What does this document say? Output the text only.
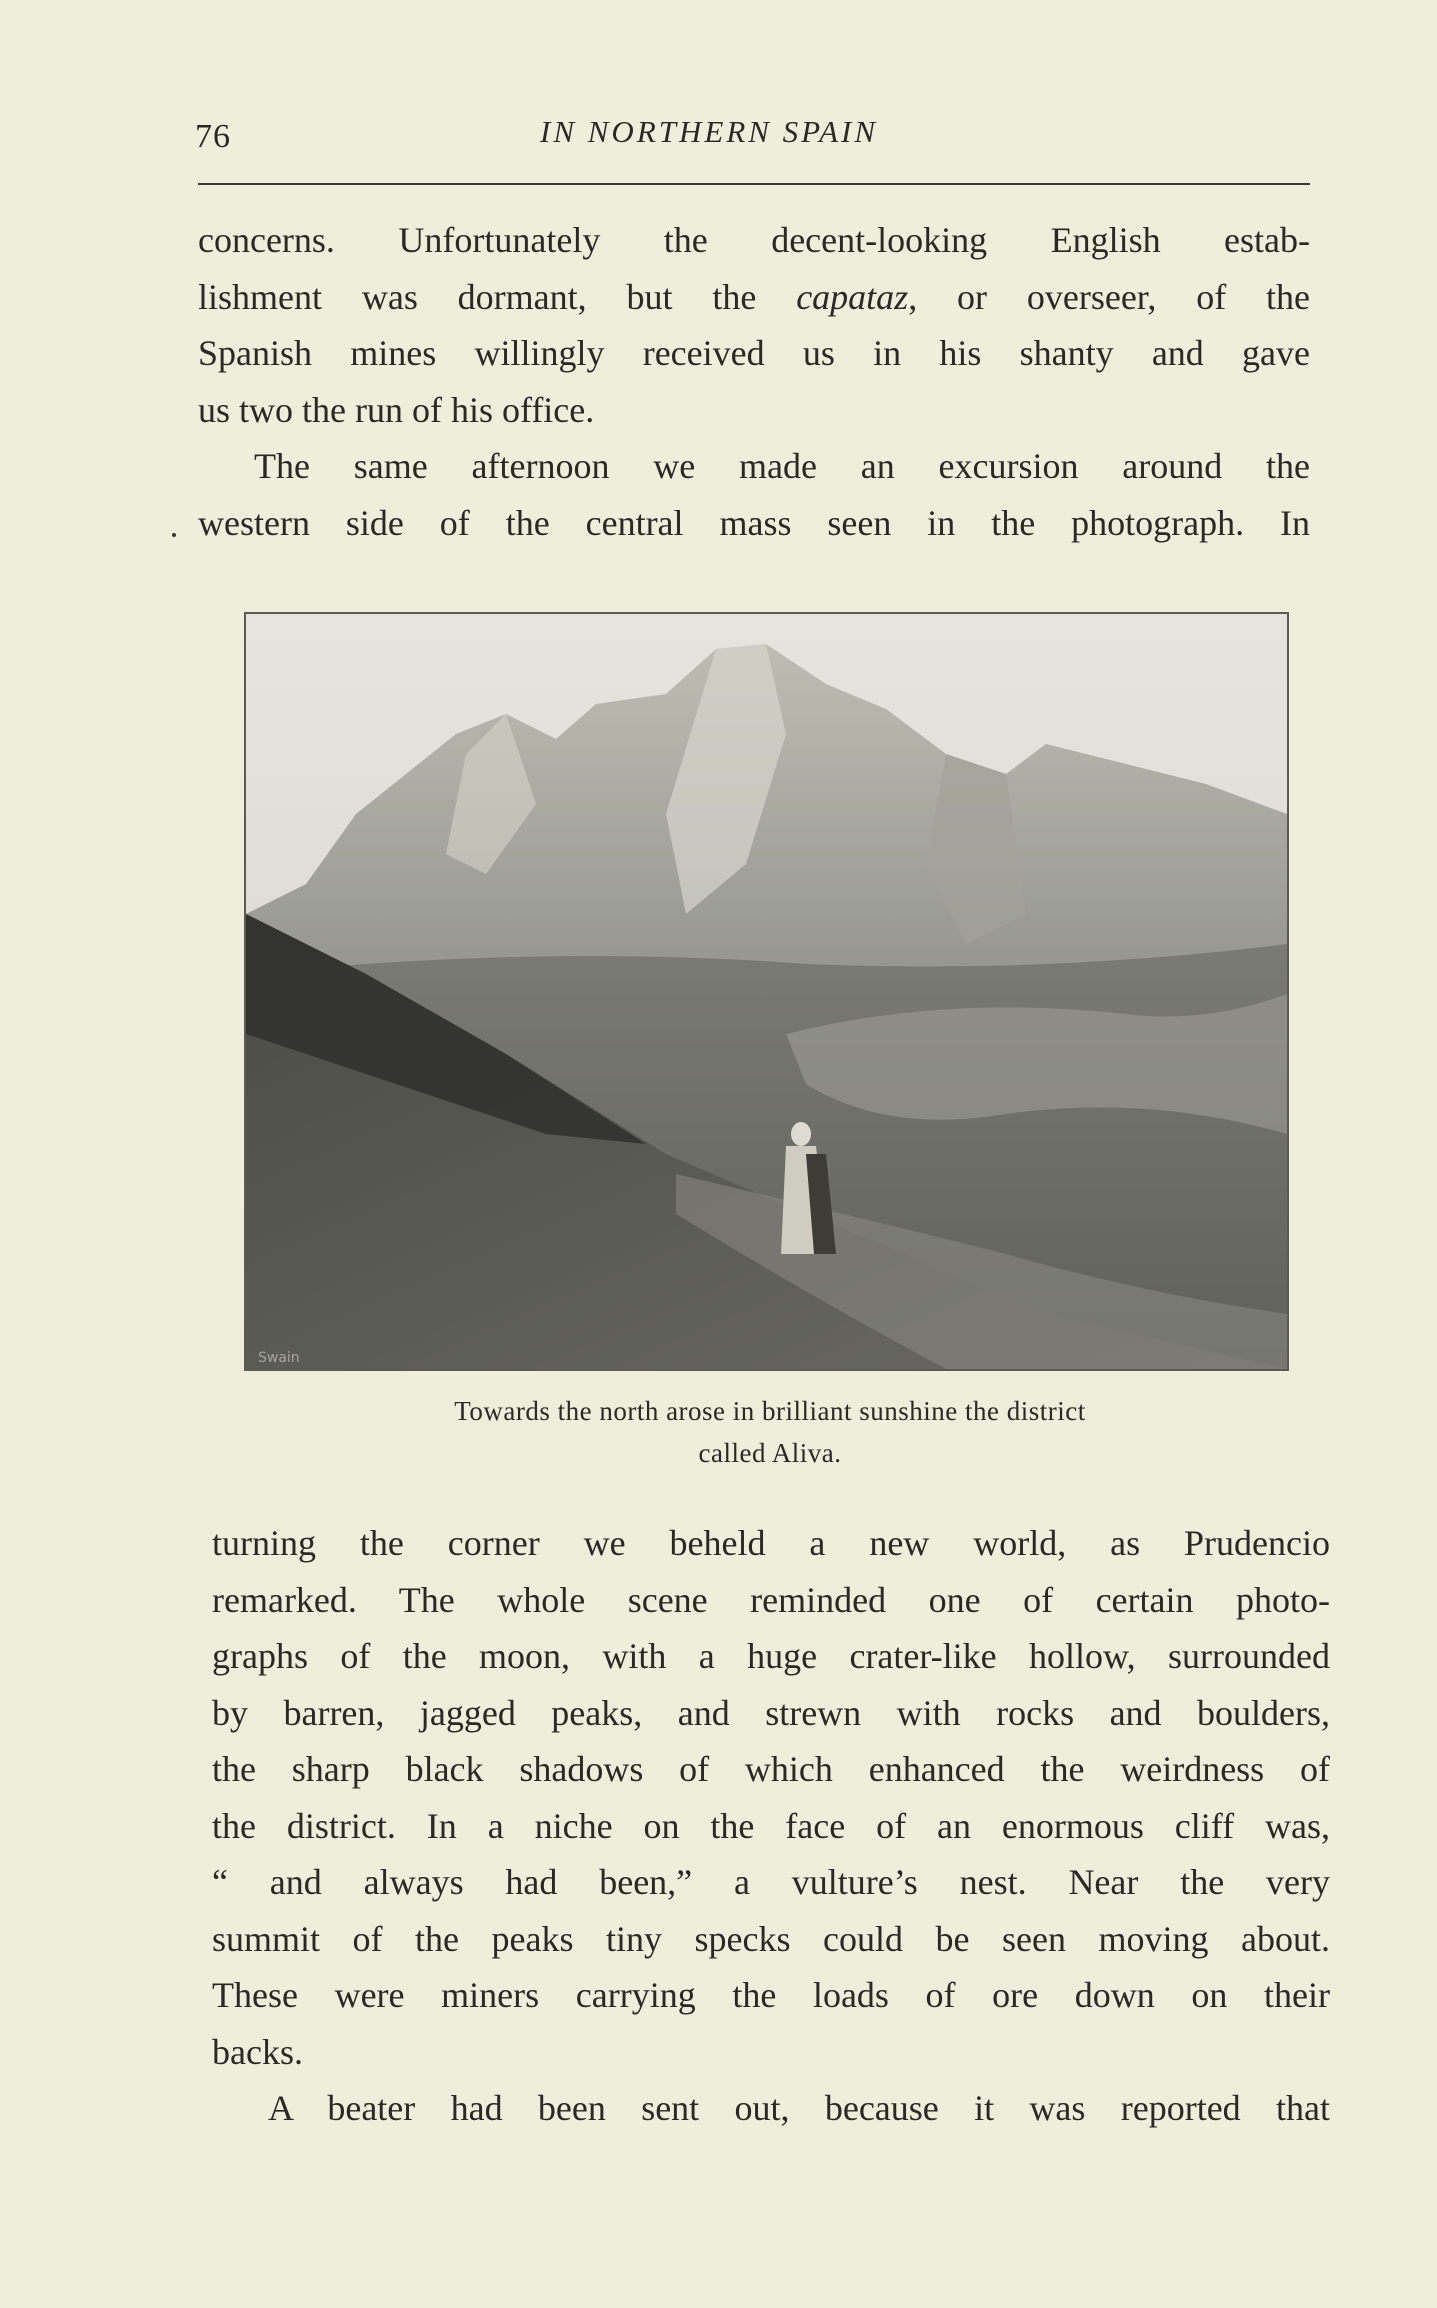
76	IN NORTHERN SPAIN

concerns. Unfortunately the decent-looking English estab-
lishment was dormant, but the capataz, or overseer, of the
Spanish mines willingly received us in his shanty and gave
us two the run of his office.

The same afternoon we made an excursion around the
western side of the central mass seen in the photograph. In

Swain
Towards the north arose in brilliant sunshine the district
called Aliva.

turning the corner we beheld a new world, as Prudencio
remarked. The whole scene reminded one of certain photo-
graphs of the moon, with a huge crater-like hollow, surrounded
by barren, jagged peaks, and strewn with rocks and boulders,
the sharp black shadows of which enhanced the weirdness of
the district. In a niche on the face of an enormous cliff was,
“ and always had been,” a vulture’s nest. Near the very
summit of the peaks tiny specks could be seen moving about.
These were miners carrying the loads of ore down on their
backs.

A beater had been sent out, because it was reported that
